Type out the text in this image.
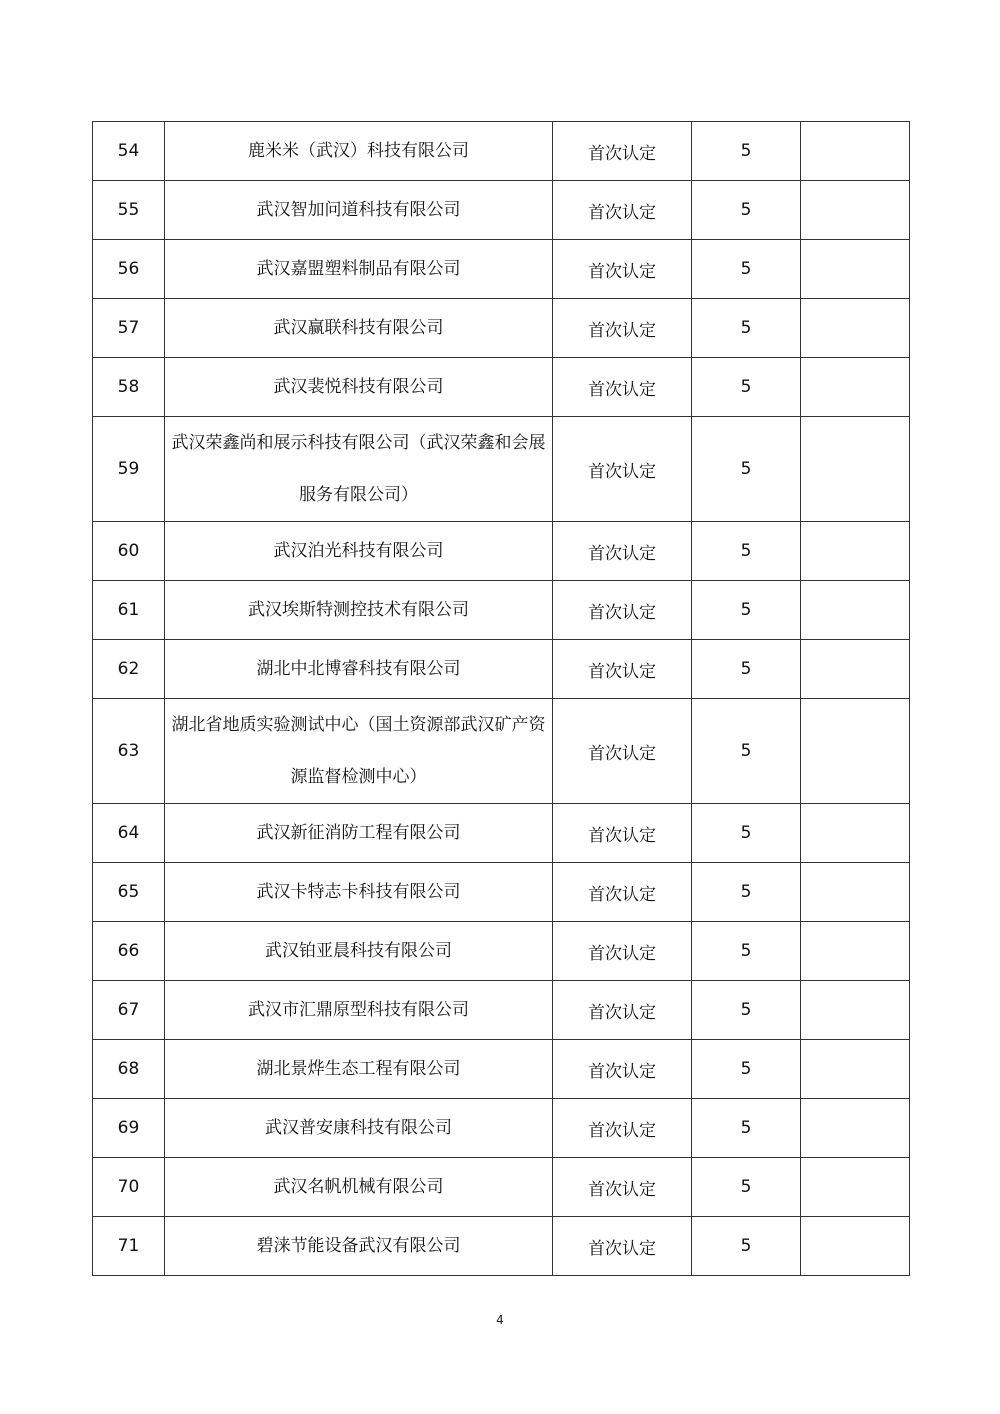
54	鹿米米（武汉）科技有限公司	首次认定	5	
55	武汉智加问道科技有限公司	首次认定	5	
56	武汉嘉盟塑料制品有限公司	首次认定	5	
57	武汉赢联科技有限公司	首次认定	5	
58	武汉裴悦科技有限公司	首次认定	5	
59	武汉荣鑫尚和展示科技有限公司（武汉荣鑫和会展服务有限公司）	首次认定	5	
60	武汉泊光科技有限公司	首次认定	5	
61	武汉埃斯特测控技术有限公司	首次认定	5	
62	湖北中北博睿科技有限公司	首次认定	5	
63	湖北省地质实验测试中心（国土资源部武汉矿产资源监督检测中心）	首次认定	5	
64	武汉新征消防工程有限公司	首次认定	5	
65	武汉卡特志卡科技有限公司	首次认定	5	
66	武汉铂亚晨科技有限公司	首次认定	5	
67	武汉市汇鼎原型科技有限公司	首次认定	5	
68	湖北景烨生态工程有限公司	首次认定	5	
69	武汉普安康科技有限公司	首次认定	5	
70	武汉名帆机械有限公司	首次认定	5	
71	碧涞节能设备武汉有限公司	首次认定	5	
4
